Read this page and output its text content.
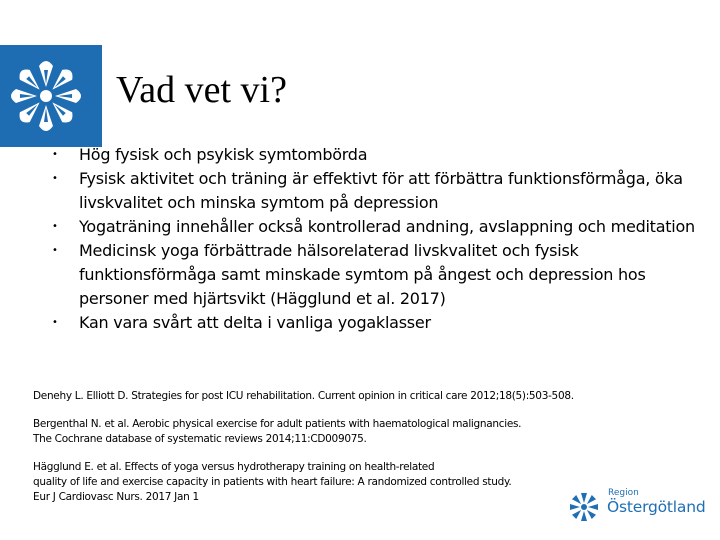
Vad vet vi?
• Hög fysisk och psykisk symtombörda
• Fysisk aktivitet och träning är effektivt för att förbättra funktionsförmåga, öka livskvalitet och minska symtom på depression
• Yogaträning innehåller också kontrollerad andning, avslappning och meditation
• Medicinsk yoga förbättrade hälsorelaterad livskvalitet och fysisk funktionsförmåga samt minskade symtom på ångest och depression hos personer med hjärtsvikt (Hägglund et al. 2017)
• Kan vara svårt att delta i vanliga yogaklasser

Denehy L. Elliott D. Strategies for post ICU rehabilitation. Current opinion in critical care 2012;18(5):503-508.

Bergenthal N. et al. Aerobic physical exercise for adult patients with haematological malignancies.
The Cochrane database of systematic reviews 2014;11:CD009075.

Hägglund E. et al. Effects of yoga versus hydrotherapy training on health-related
quality of life and exercise capacity in patients with heart failure: A randomized controlled study.
Eur J Cardiovasc Nurs. 2017 Jan 1	Region
Östergötland
